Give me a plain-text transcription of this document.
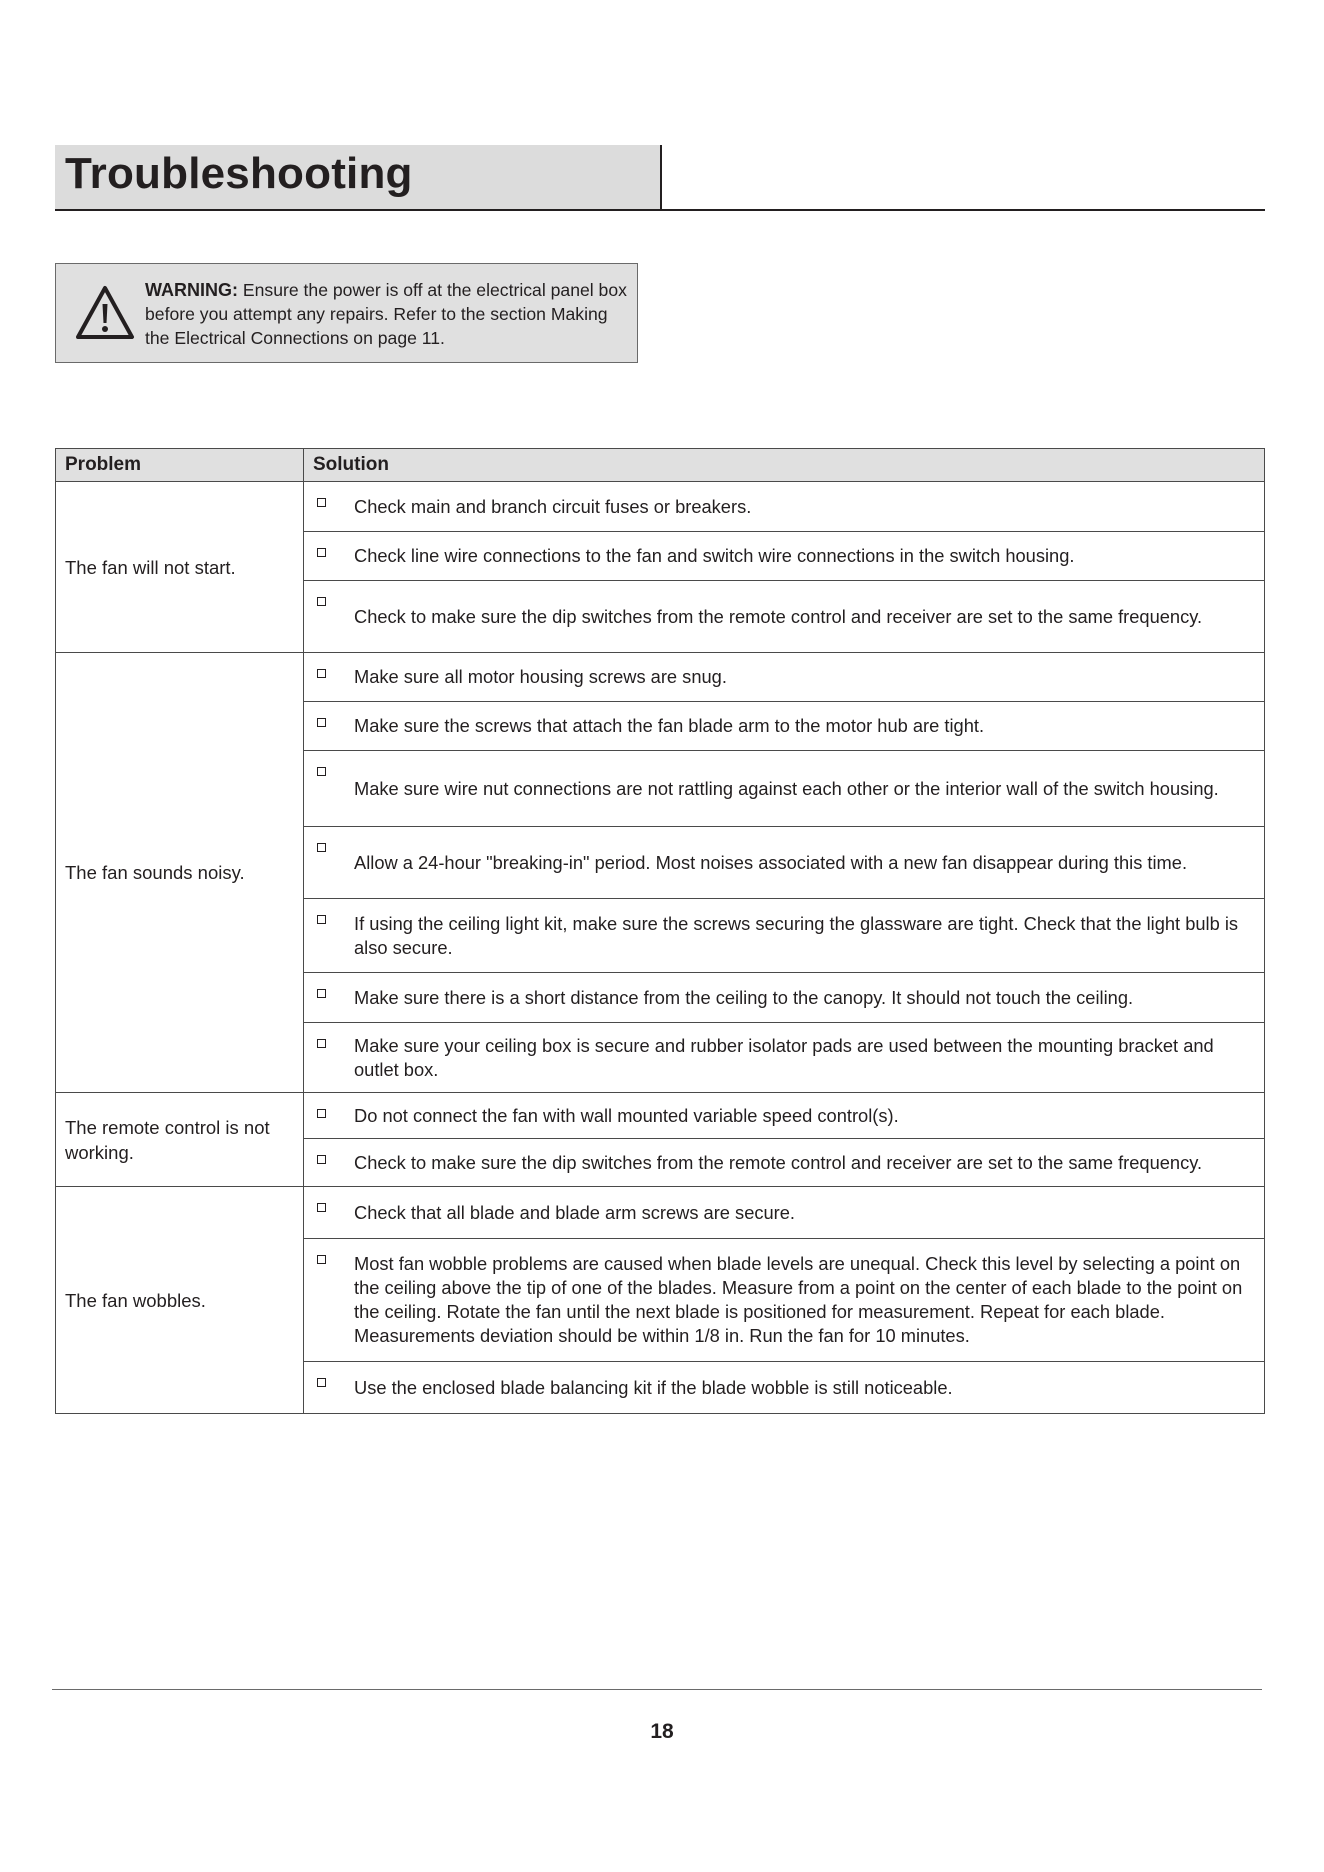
Troubleshooting
WARNING: Ensure the power is off at the electrical panel box before you attempt any repairs. Refer to the section Making the Electrical Connections on page 11.
Problem	Solution
The fan will not start.	Check main and branch circuit fuses or breakers.

Check line wire connections to the fan and switch wire connections in the switch housing.

Check to make sure the dip switches from the remote control and receiver are set to the same frequency.
The fan sounds noisy.	Make sure all motor housing screws are snug.

Make sure the screws that attach the fan blade arm to the motor hub are tight.

Make sure wire nut connections are not rattling against each other or the interior wall of the switch housing.

Allow a 24-hour "breaking-in" period. Most noises associated with a new fan disappear during this time.

If using the ceiling light kit, make sure the screws securing the glassware are tight. Check that the light bulb is also secure.

Make sure there is a short distance from the ceiling to the canopy. It should not touch the ceiling.

Make sure your ceiling box is secure and rubber isolator pads are used between the mounting bracket and outlet box.
The remote control is not working.	Do not connect the fan with wall mounted variable speed control(s).

Check to make sure the dip switches from the remote control and receiver are set to the same frequency.
The fan wobbles.	Check that all blade and blade arm screws are secure.

Most fan wobble problems are caused when blade levels are unequal. Check this level by selecting a point on the ceiling above the tip of one of the blades. Measure from a point on the center of each blade to the point on the ceiling. Rotate the fan until the next blade is positioned for measurement. Repeat for each blade. Measurements deviation should be within 1/8 in. Run the fan for 10 minutes.

Use the enclosed blade balancing kit if the blade wobble is still noticeable.
18
